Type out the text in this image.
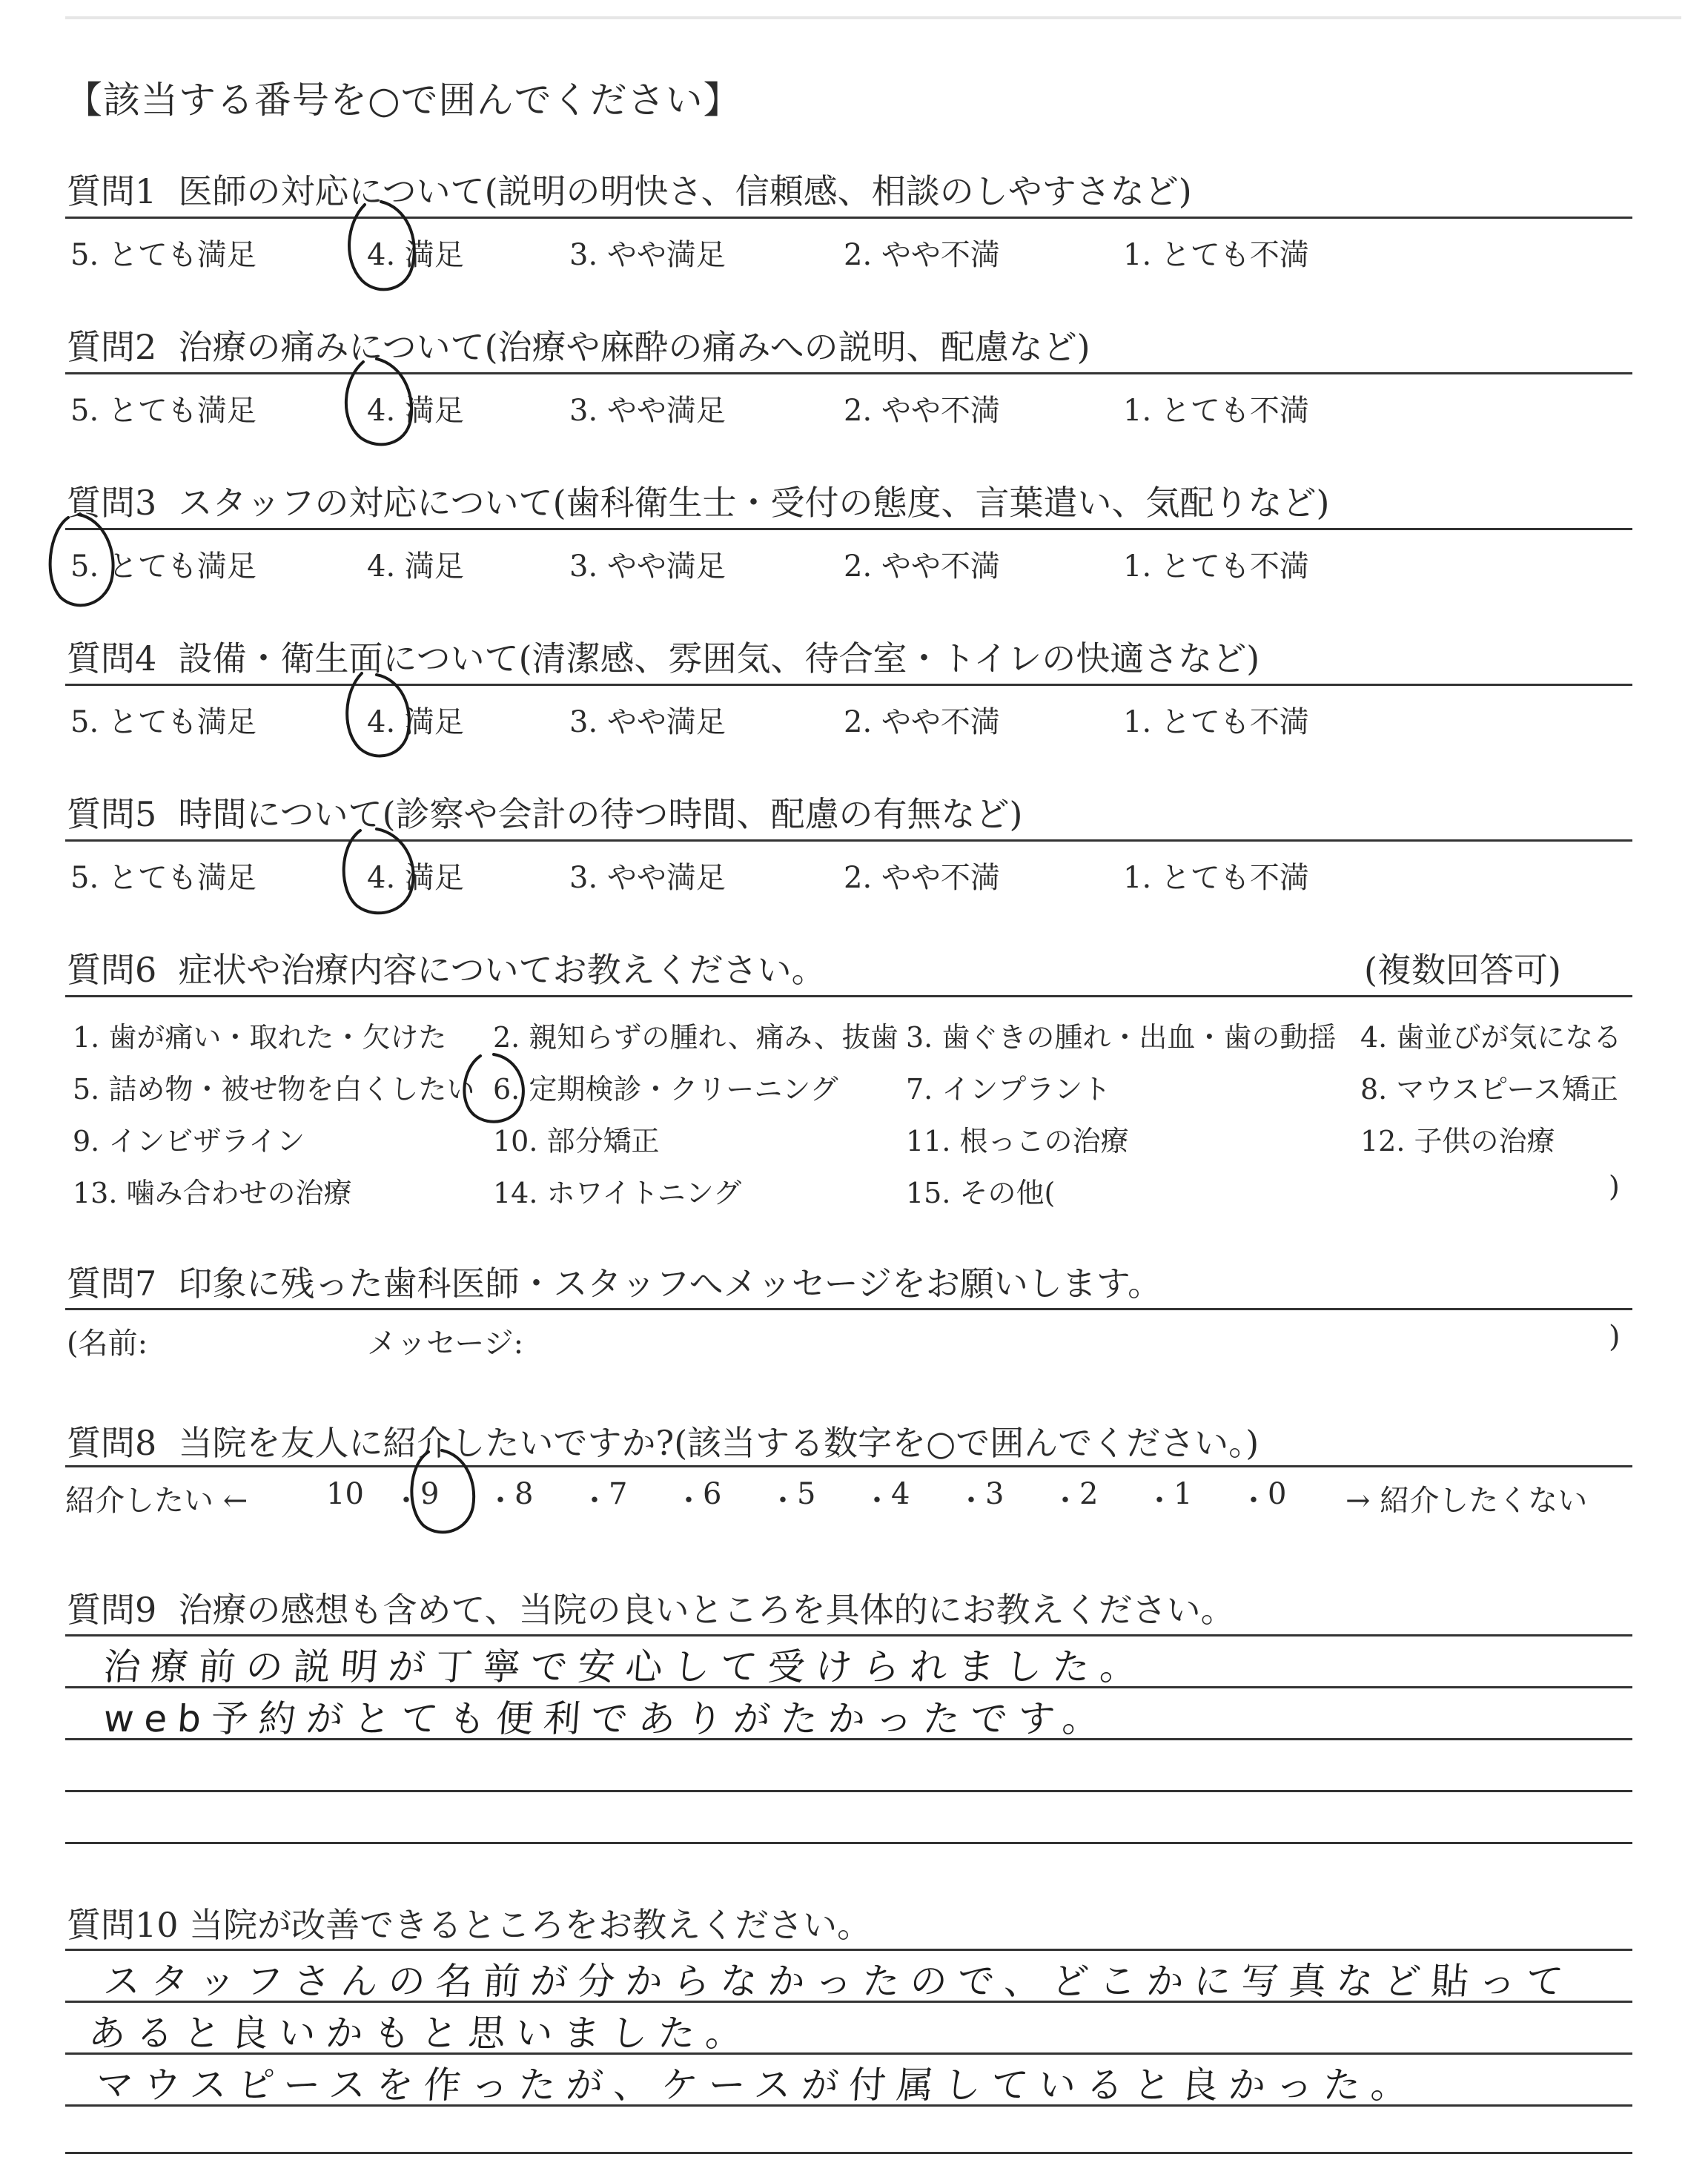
【該当する番号を○で囲んでください】
質問1 医師の対応について(説明の明快さ、信頼感、相談のしやすさなど)
5. とても満足	4. 満足	3. やや満足	2. やや不満	1. とても不満
質問2 治療の痛みについて(治療や麻酔の痛みへの説明、配慮など)
5. とても満足	4. 満足	3. やや満足	2. やや不満	1. とても不満
質問3 スタッフの対応について(歯科衛生士・受付の態度、言葉遣い、気配りなど)
5. とても満足	4. 満足	3. やや満足	2. やや不満	1. とても不満
質問4 設備・衛生面について(清潔感、雰囲気、待合室・トイレの快適さなど)
5. とても満足	4. 満足	3. やや満足	2. やや不満	1. とても不満
質問5 時間について(診察や会計の待つ時間、配慮の有無など)
5. とても満足	4. 満足	3. やや満足	2. やや不満	1. とても不満
質問6 症状や治療内容についてお教えください。	(複数回答可)
1. 歯が痛い・取れた・欠けた 2. 親知らずの腫れ、痛み、抜歯 3. 歯ぐきの腫れ・出血・歯の動揺 4. 歯並びが気になる
5. 詰め物・被せ物を白くしたい 6. 定期検診・クリーニング 7. インプラント	8. マウスピース矯正
9. インビザライン	10. 部分矯正	11. 根っこの治療	12. 子供の治療
13. 噛み合わせの治療	14. ホワイトニング	15. その他(	)
質問7 印象に残った歯科医師・スタッフへメッセージをお願いします。
(名前:	メッセージ:	)
質問8 当院を友人に紹介したいですか?(該当する数字を○で囲んでください。)
紹介したい ←	10 ・ 9 ・ 8 ・ 7 ・ 6 ・ 5 ・ 4 ・ 3 ・ 2 ・ 1 ・ 0 → 紹介したくない
質問9 治療の感想も含めて、当院の良いところを具体的にお教えください。
治療前の説明が丁寧で安心して受けられました。
web予約がとても便利でありがたかったです。
質問10 当院が改善できるところをお教えください。
スタッフさんの名前が分からなかったので、どこかに写真など貼って
あると良いかもと思いました。
マウスピースを作ったが、ケースが付属していると良かった。
